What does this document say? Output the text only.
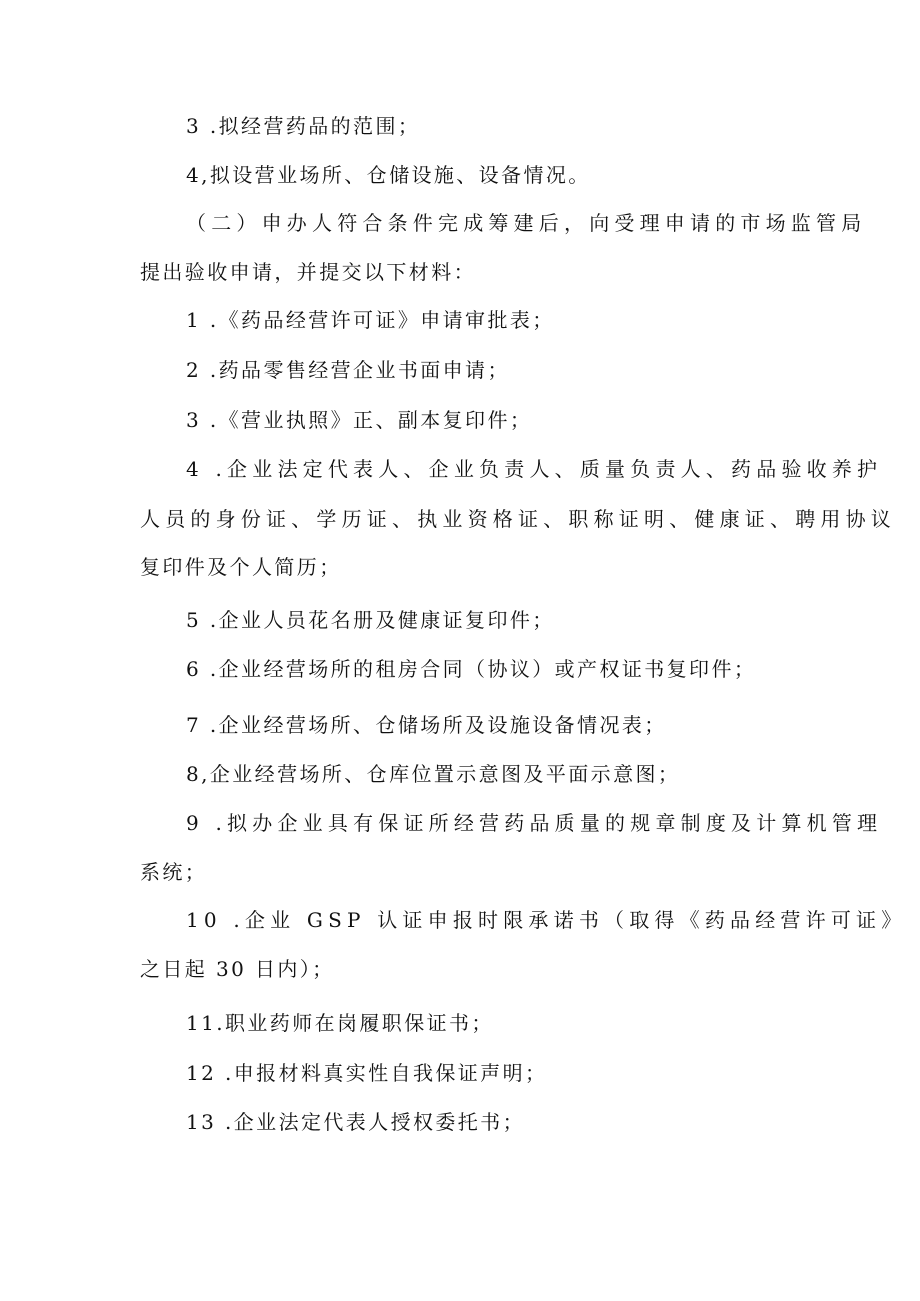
3 .拟经营药品的范围；
4,拟设营业场所、仓储设施、设备情况。
（二）申办人符合条件完成筹建后，向受理申请的市场监管局
提出验收申请，并提交以下材料：
1 .《药品经营许可证》申请审批表；
2 .药品零售经营企业书面申请；
3 .《营业执照》正、副本复印件；
4 .企业法定代表人、企业负责人、质量负责人、药品验收养护
人员的身份证、学历证、执业资格证、职称证明、健康证、聘用协议
复印件及个人简历；
5 .企业人员花名册及健康证复印件；
6 .企业经营场所的租房合同（协议）或产权证书复印件；
7 .企业经营场所、仓储场所及设施设备情况表；
8,企业经营场所、仓库位置示意图及平面示意图；
9 .拟办企业具有保证所经营药品质量的规章制度及计算机管理
系统；
10 .企业 GSP 认证申报时限承诺书（取得《药品经营许可证》
之日起 30 日内）；
11.职业药师在岗履职保证书；
12 .申报材料真实性自我保证声明；
13 .企业法定代表人授权委托书；
